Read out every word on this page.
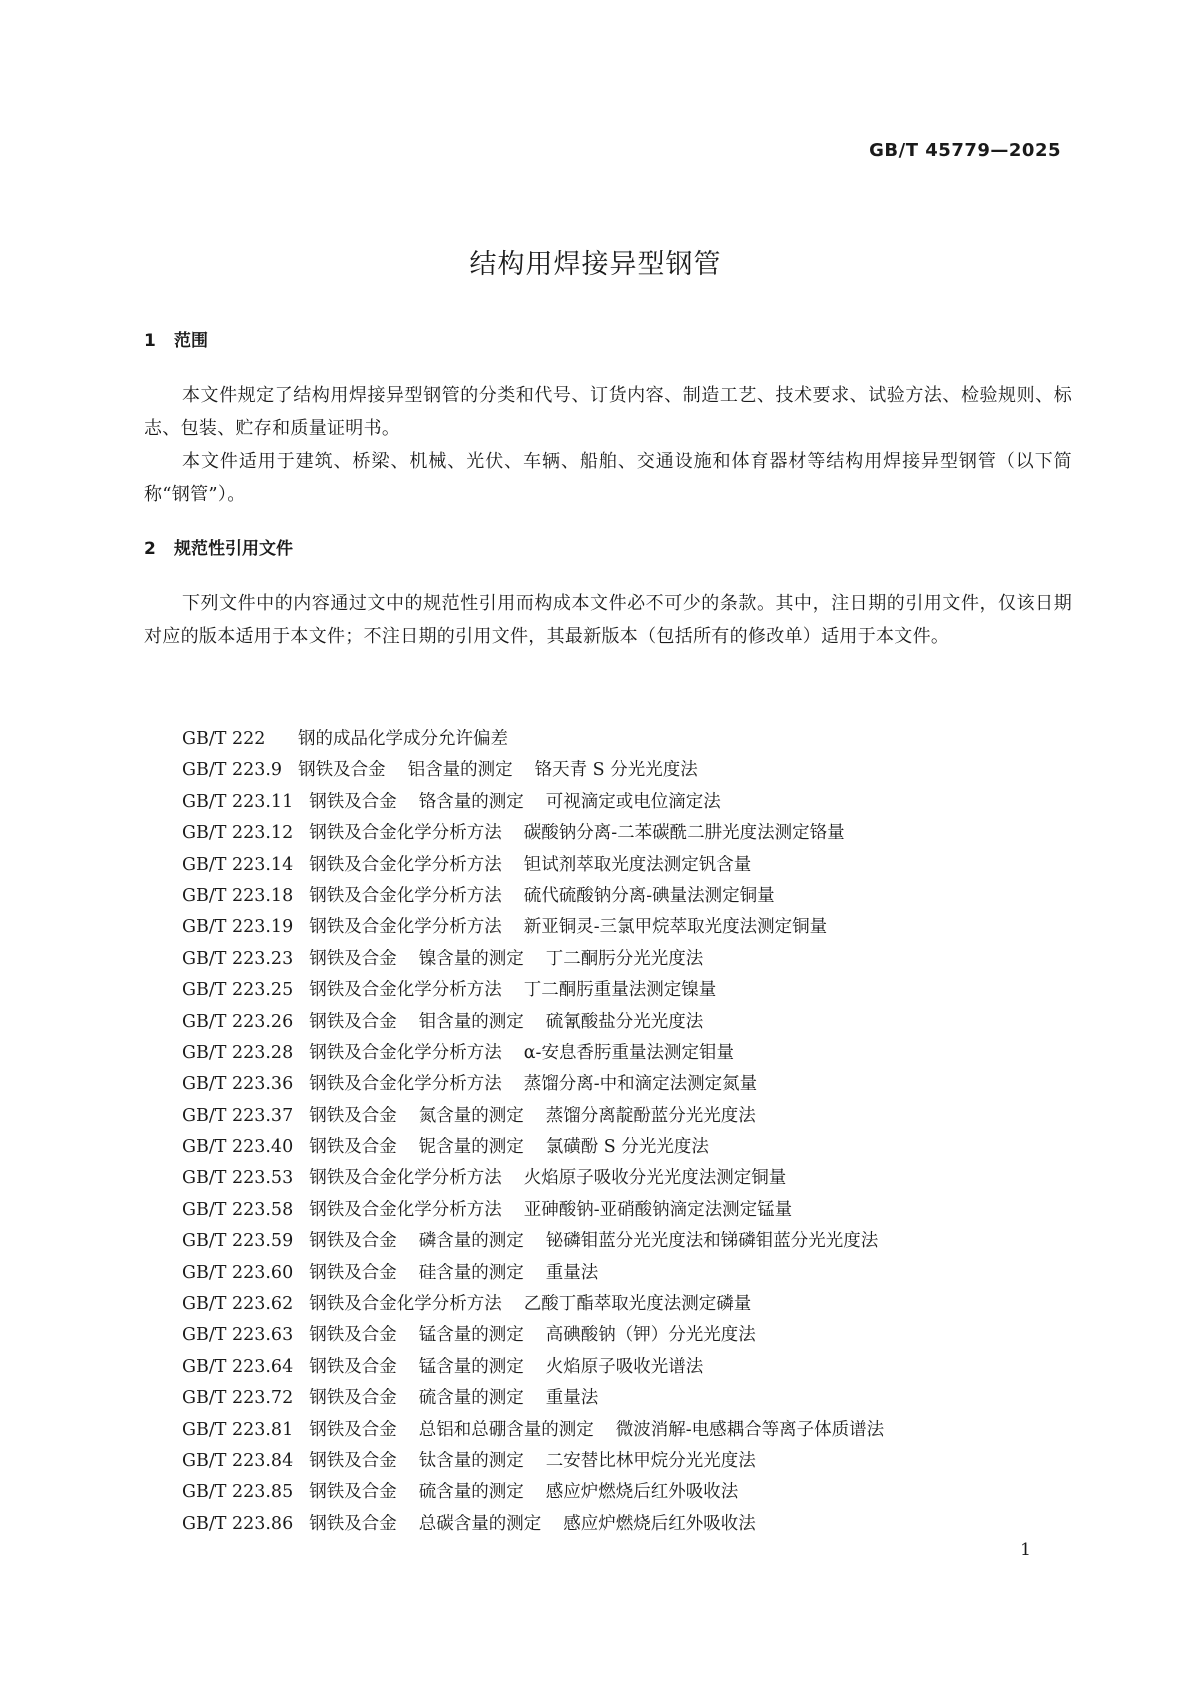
GB/T 45779—2025
结构用焊接异型钢管
1 范围
本文件规定了结构用焊接异型钢管的分类和代号、订货内容、制造工艺、技术要求、试验方法、检验规则、标志、包装、贮存和质量证明书。
本文件适用于建筑、桥梁、机械、光伏、车辆、船舶、交通设施和体育器材等结构用焊接异型钢管（以下简称“钢管”）。
2 规范性引用文件
下列文件中的内容通过文中的规范性引用而构成本文件必不可少的条款。其中，注日期的引用文件，仅该日期对应的版本适用于本文件；不注日期的引用文件，其最新版本（包括所有的修改单）适用于本文件。
GB/T 222 钢的成品化学成分允许偏差
GB/T 223.9 钢铁及合金 铝含量的测定 铬天青 S 分光光度法
GB/T 223.11 钢铁及合金 铬含量的测定 可视滴定或电位滴定法
GB/T 223.12 钢铁及合金化学分析方法 碳酸钠分离-二苯碳酰二肼光度法测定铬量
GB/T 223.14 钢铁及合金化学分析方法 钽试剂萃取光度法测定钒含量
GB/T 223.18 钢铁及合金化学分析方法 硫代硫酸钠分离-碘量法测定铜量
GB/T 223.19 钢铁及合金化学分析方法 新亚铜灵-三氯甲烷萃取光度法测定铜量
GB/T 223.23 钢铁及合金 镍含量的测定 丁二酮肟分光光度法
GB/T 223.25 钢铁及合金化学分析方法 丁二酮肟重量法测定镍量
GB/T 223.26 钢铁及合金 钼含量的测定 硫氰酸盐分光光度法
GB/T 223.28 钢铁及合金化学分析方法 α-安息香肟重量法测定钼量
GB/T 223.36 钢铁及合金化学分析方法 蒸馏分离-中和滴定法测定氮量
GB/T 223.37 钢铁及合金 氮含量的测定 蒸馏分离靛酚蓝分光光度法
GB/T 223.40 钢铁及合金 铌含量的测定 氯磺酚 S 分光光度法
GB/T 223.53 钢铁及合金化学分析方法 火焰原子吸收分光光度法测定铜量
GB/T 223.58 钢铁及合金化学分析方法 亚砷酸钠-亚硝酸钠滴定法测定锰量
GB/T 223.59 钢铁及合金 磷含量的测定 铋磷钼蓝分光光度法和锑磷钼蓝分光光度法
GB/T 223.60 钢铁及合金 硅含量的测定 重量法
GB/T 223.62 钢铁及合金化学分析方法 乙酸丁酯萃取光度法测定磷量
GB/T 223.63 钢铁及合金 锰含量的测定 高碘酸钠（钾）分光光度法
GB/T 223.64 钢铁及合金 锰含量的测定 火焰原子吸收光谱法
GB/T 223.72 钢铁及合金 硫含量的测定 重量法
GB/T 223.81 钢铁及合金 总铝和总硼含量的测定 微波消解-电感耦合等离子体质谱法
GB/T 223.84 钢铁及合金 钛含量的测定 二安替比林甲烷分光光度法
GB/T 223.85 钢铁及合金 硫含量的测定 感应炉燃烧后红外吸收法
GB/T 223.86 钢铁及合金 总碳含量的测定 感应炉燃烧后红外吸收法
1
